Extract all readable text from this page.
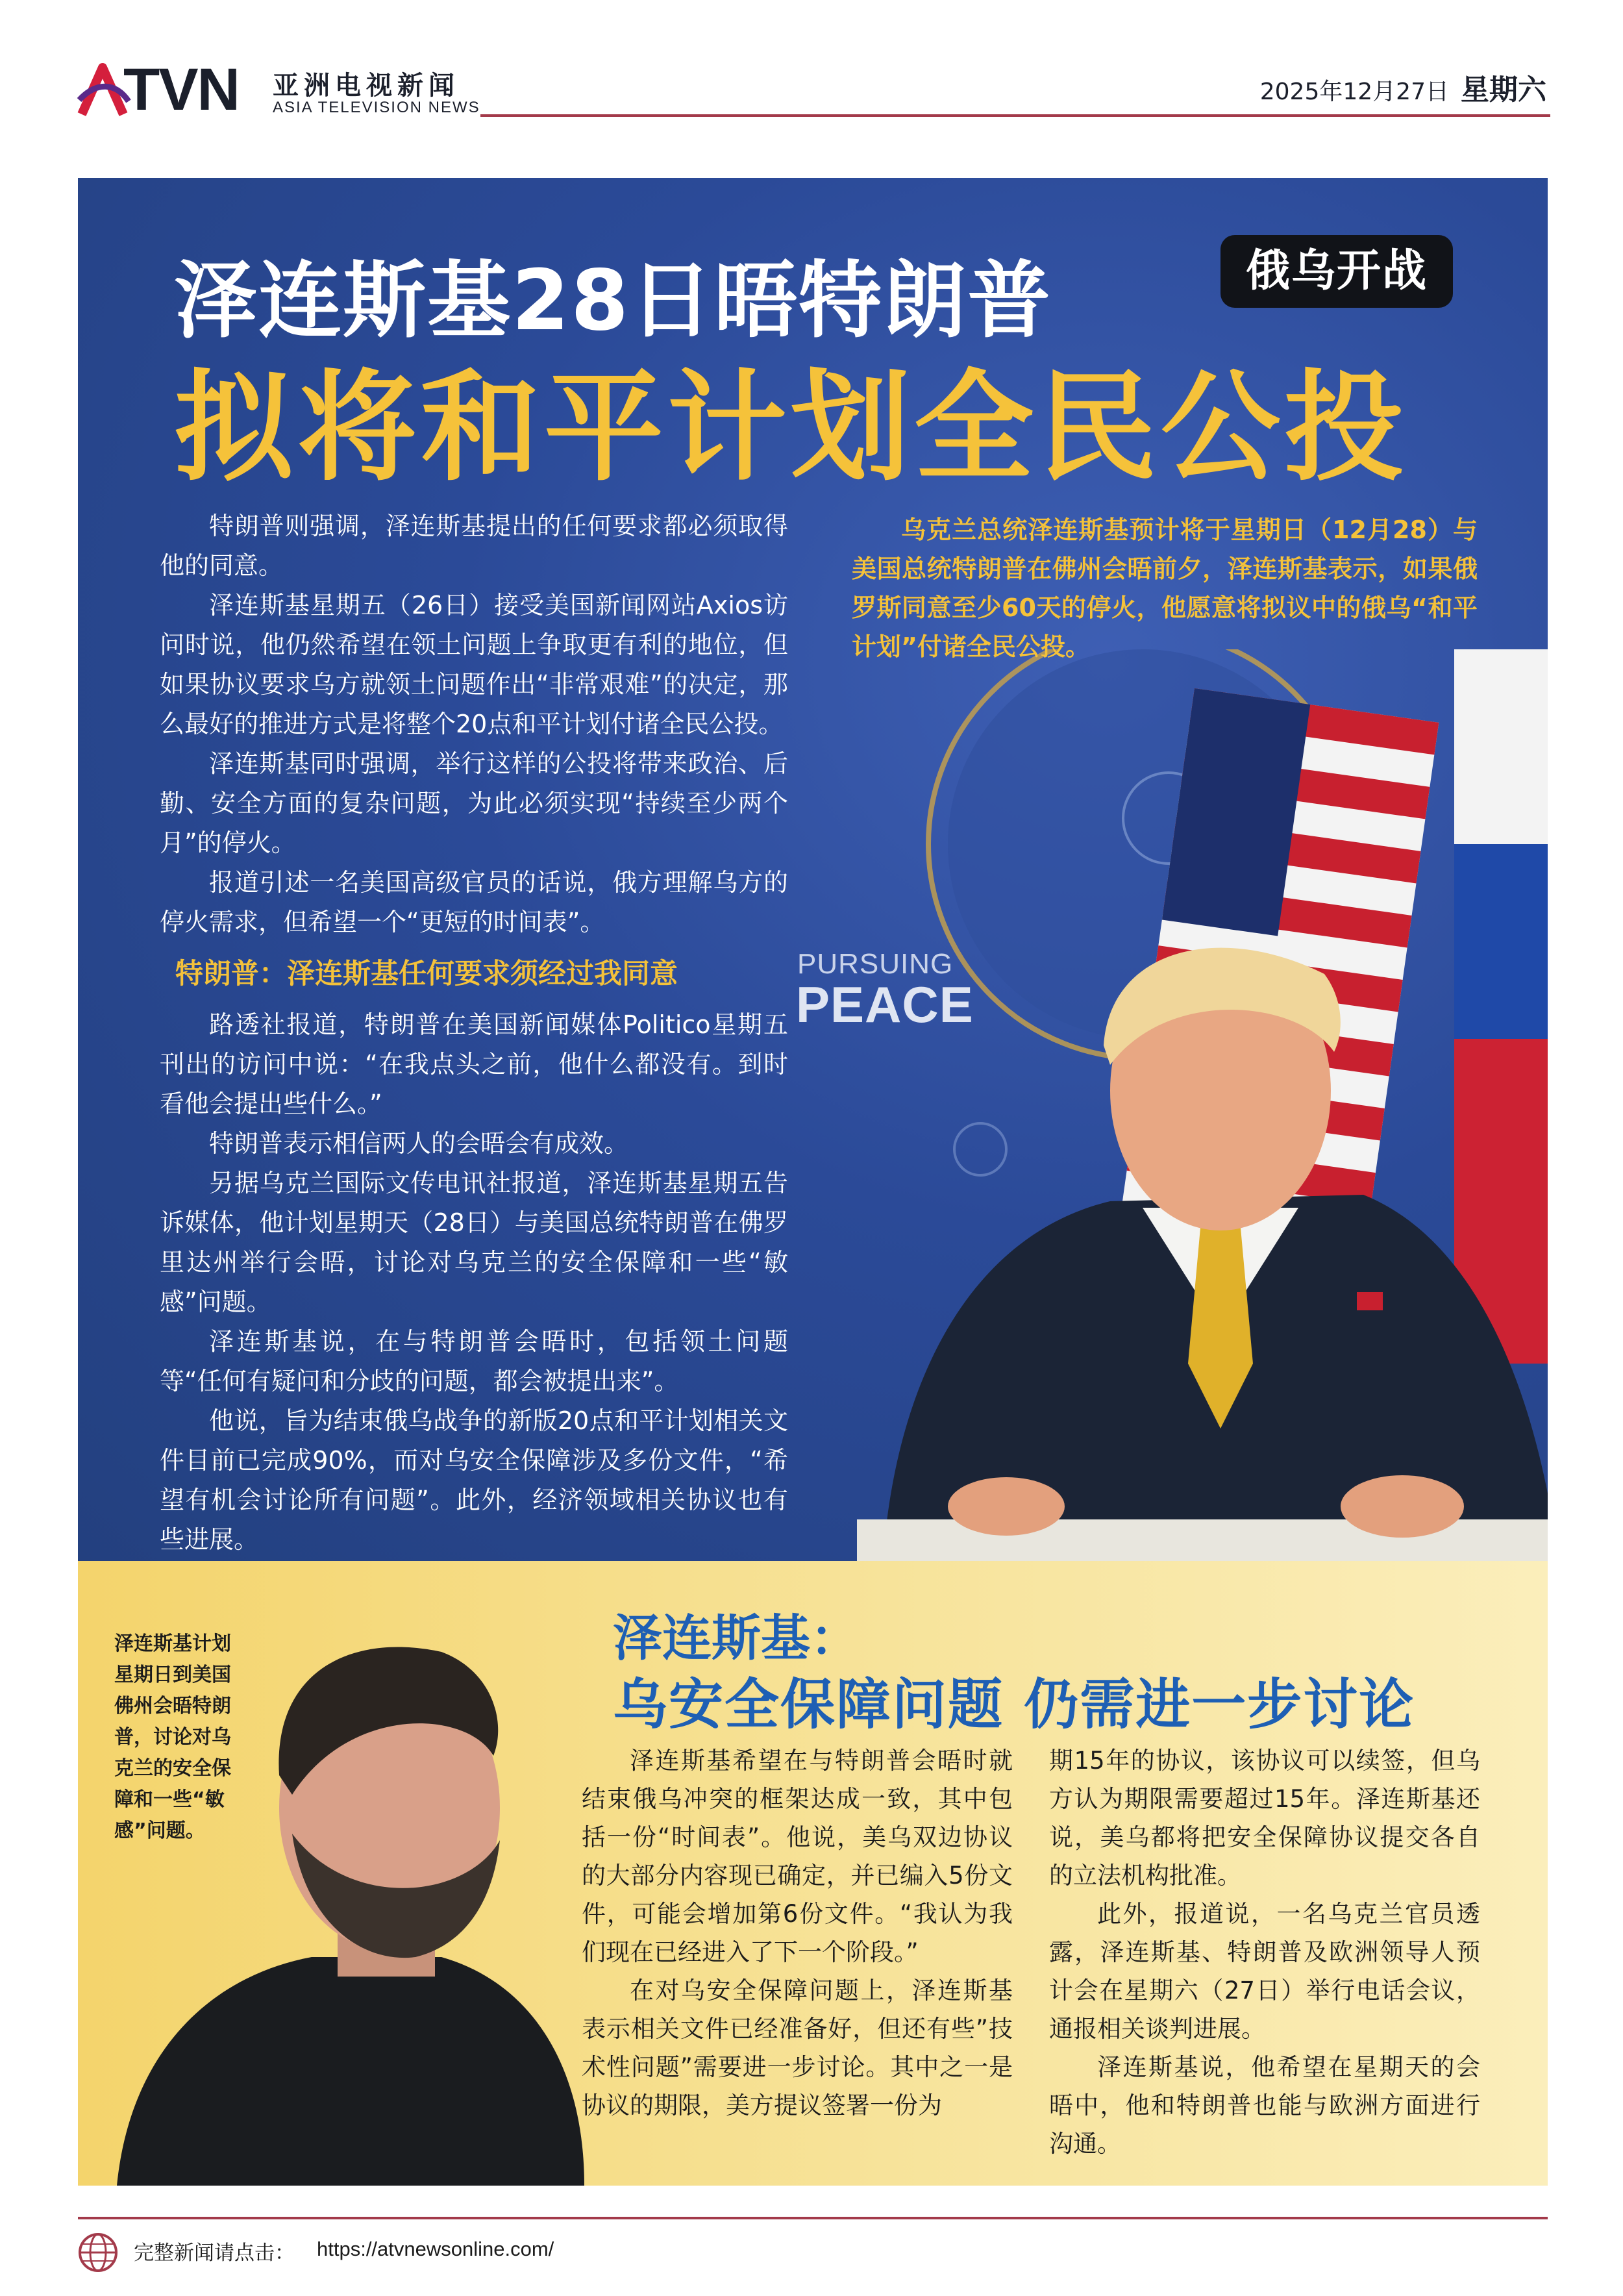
TVN 亚洲电视新闻
ASIA TELEVISION NEWS
2025年12月27日 星期六
泽连斯基28日晤特朗普
拟将和平计划全民公投
俄乌开战

特朗普则强调，泽连斯基提出的任何要求都必须取得他的同意。

泽连斯基星期五（26日）接受美国新闻网站Axios访问时说，他仍然希望在领土问题上争取更有利的地位，但如果协议要求乌方就领土问题作出“非常艰难”的决定，那么最好的推进方式是将整个20点和平计划付诸全民公投。

泽连斯基同时强调，举行这样的公投将带来政治、后勤、安全方面的复杂问题，为此必须实现“持续至少两个月”的停火。

报道引述一名美国高级官员的话说，俄方理解乌方的停火需求，但希望一个“更短的时间表”。

特朗普：泽连斯基任何要求须经过我同意

路透社报道，特朗普在美国新闻媒体Politico星期五刊出的访问中说：“在我点头之前，他什么都没有。到时看他会提出些什么。”

特朗普表示相信两人的会晤会有成效。

另据乌克兰国际文传电讯社报道，泽连斯基星期五告诉媒体，他计划星期天（28日）与美国总统特朗普在佛罗里达州举行会晤，讨论对乌克兰的安全保障和一些“敏感”问题。

泽连斯基说，在与特朗普会晤时，包括领土问题等“任何有疑问和分歧的问题，都会被提出来”。

他说，旨为结束俄乌战争的新版20点和平计划相关文件目前已完成90%，而对乌安全保障涉及多份文件，“希望有机会讨论所有问题”。此外，经济领域相关协议也有些进展。

乌克兰总统泽连斯基预计将于星期日（12月28）与美国总统特朗普在佛州会晤前夕，泽连斯基表示，如果俄罗斯同意至少60天的停火，他愿意将拟议中的俄乌“和平计划”付诸全民公投。

PURSUING
PEACE
泽连斯基计划星期日到美国佛州会晤特朗普，讨论对乌克兰的安全保障和一些“敏感”问题。
泽连斯基：
乌安全保障问题 仍需进一步讨论

泽连斯基希望在与特朗普会晤时就结束俄乌冲突的框架达成一致，其中包括一份“时间表”。他说，美乌双边协议的大部分内容现已确定，并已编入5份文件，可能会增加第6份文件。“我认为我们现在已经进入了下一个阶段。”

在对乌安全保障问题上，泽连斯基表示相关文件已经准备好，但还有些”技术性问题”需要进一步讨论。其中之一是协议的期限，美方提议签署一份为

期15年的协议，该协议可以续签，但乌方认为期限需要超过15年。泽连斯基还说，美乌都将把安全保障协议提交各自的立法机构批准。

此外，报道说，一名乌克兰官员透露，泽连斯基、特朗普及欧洲领导人预计会在星期六（27日）举行电话会议，通报相关谈判进展。

泽连斯基说，他希望在星期天的会晤中，他和特朗普也能与欧洲方面进行沟通。

完整新闻请点击： https://atvnewsonline.com/
